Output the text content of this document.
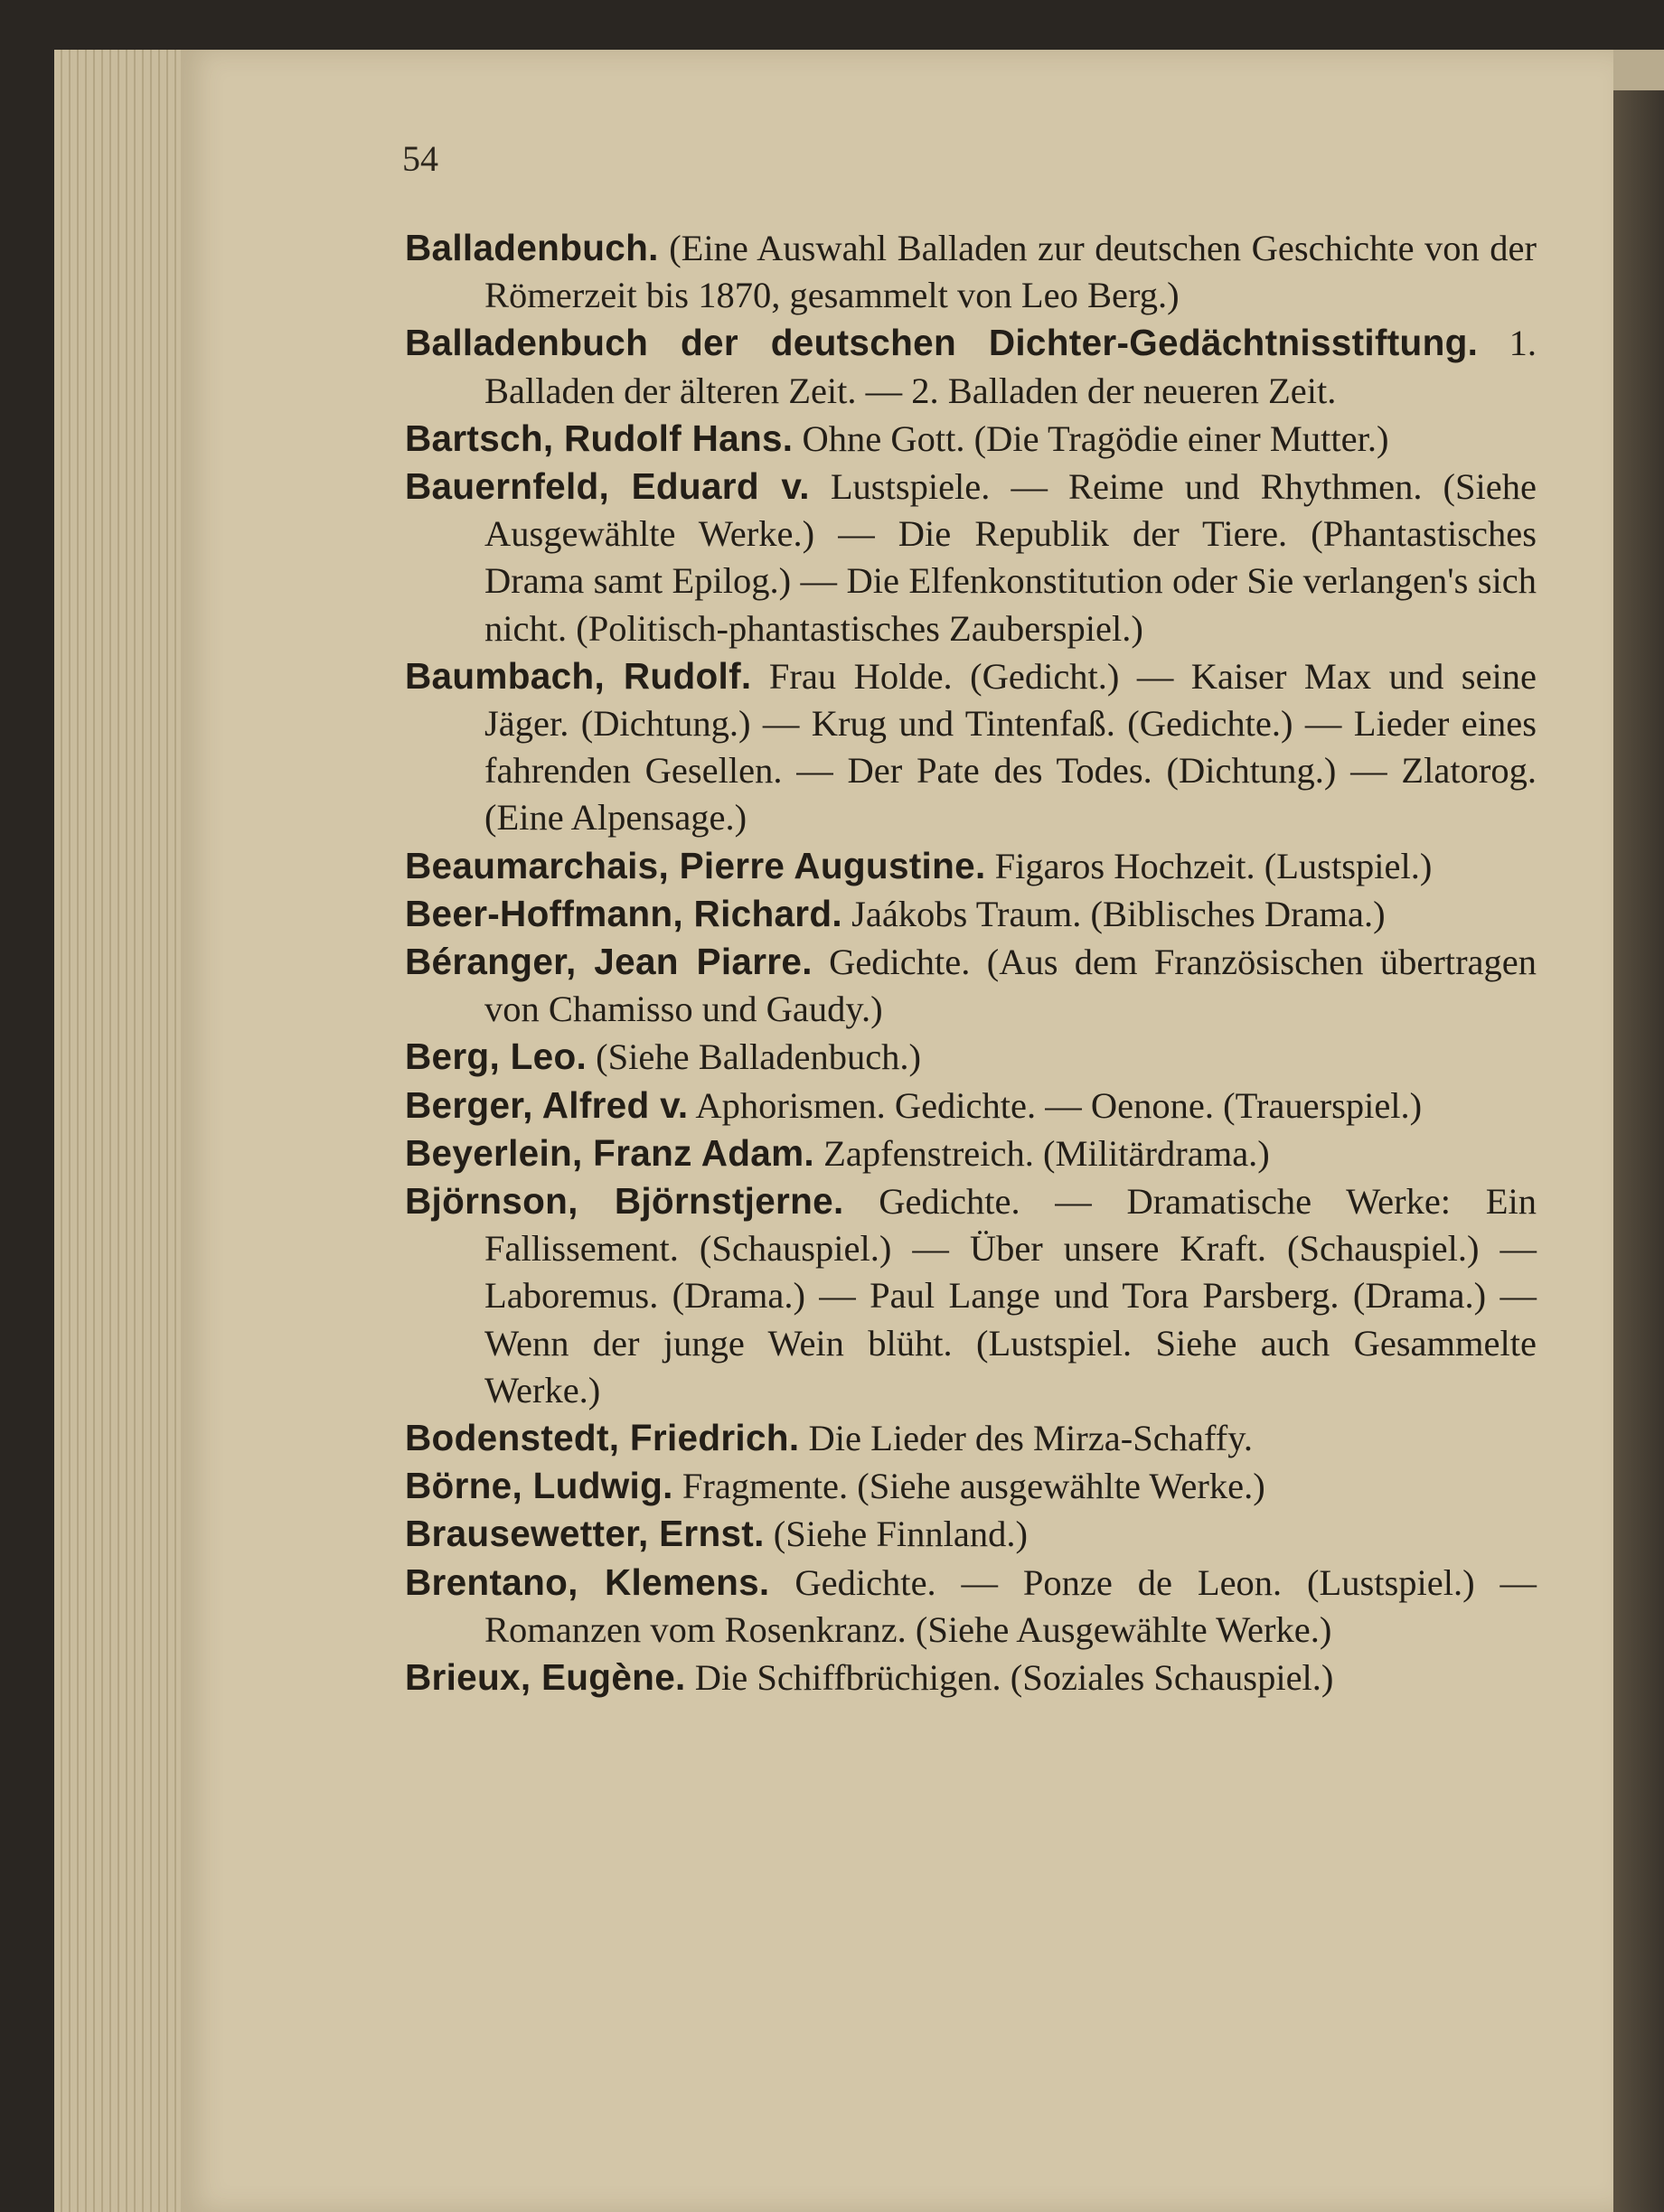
54

Balladenbuch. (Eine Auswahl Balladen zur deutschen Geschichte von der Römerzeit bis 1870, gesammelt von Leo Berg.)

Balladenbuch der deutschen Dichter-Gedächtnisstiftung. 1. Balladen der älteren Zeit. — 2. Balladen der neueren Zeit.

Bartsch, Rudolf Hans. Ohne Gott. (Die Tragödie einer Mutter.)

Bauernfeld, Eduard v. Lustspiele. — Reime und Rhythmen. (Siehe Ausgewählte Werke.) — Die Republik der Tiere. (Phantastisches Drama samt Epilog.) — Die Elfenkonstitution oder Sie verlangen's sich nicht. (Politisch-phantastisches Zauberspiel.)

Baumbach, Rudolf. Frau Holde. (Gedicht.) — Kaiser Max und seine Jäger. (Dichtung.) — Krug und Tintenfaß. (Gedichte.) — Lieder eines fahrenden Gesellen. — Der Pate des Todes. (Dichtung.) — Zlatorog. (Eine Alpensage.)

Beaumarchais, Pierre Augustine. Figaros Hochzeit. (Lustspiel.)

Beer-Hoffmann, Richard. Jaákobs Traum. (Biblisches Drama.)

Béranger, Jean Piarre. Gedichte. (Aus dem Französischen übertragen von Chamisso und Gaudy.)

Berg, Leo. (Siehe Balladenbuch.)

Berger, Alfred v. Aphorismen. Gedichte. — Oenone. (Trauerspiel.)

Beyerlein, Franz Adam. Zapfenstreich. (Militärdrama.)

Björnson, Björnstjerne. Gedichte. — Dramatische Werke: Ein Fallissement. (Schauspiel.) — Über unsere Kraft. (Schauspiel.) — Laboremus. (Drama.) — Paul Lange und Tora Parsberg. (Drama.) — Wenn der junge Wein blüht. (Lustspiel. Siehe auch Gesammelte Werke.)

Bodenstedt, Friedrich. Die Lieder des Mirza-Schaffy.

Börne, Ludwig. Fragmente. (Siehe ausgewählte Werke.)

Brausewetter, Ernst. (Siehe Finnland.)

Brentano, Klemens. Gedichte. — Ponze de Leon. (Lustspiel.) — Romanzen vom Rosenkranz. (Siehe Ausgewählte Werke.)

Brieux, Eugène. Die Schiffbrüchigen. (Soziales Schauspiel.)
